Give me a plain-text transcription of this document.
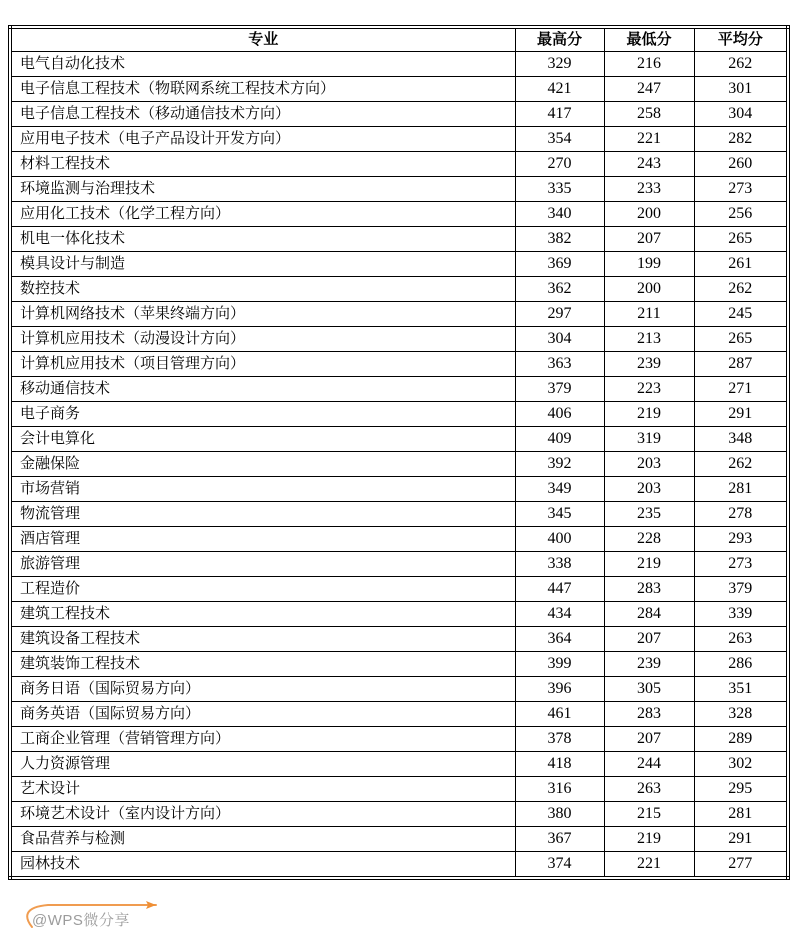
专业	最高分	最低分	平均分
电气自动化技术	329	216	262
电子信息工程技术（物联网系统工程技术方向）	421	247	301
电子信息工程技术（移动通信技术方向）	417	258	304
应用电子技术（电子产品设计开发方向）	354	221	282
材料工程技术	270	243	260
环境监测与治理技术	335	233	273
应用化工技术（化学工程方向）	340	200	256
机电一体化技术	382	207	265
模具设计与制造	369	199	261
数控技术	362	200	262
计算机网络技术（苹果终端方向）	297	211	245
计算机应用技术（动漫设计方向）	304	213	265
计算机应用技术（项目管理方向）	363	239	287
移动通信技术	379	223	271
电子商务	406	219	291
会计电算化	409	319	348
金融保险	392	203	262
市场营销	349	203	281
物流管理	345	235	278
酒店管理	400	228	293
旅游管理	338	219	273
工程造价	447	283	379
建筑工程技术	434	284	339
建筑设备工程技术	364	207	263
建筑装饰工程技术	399	239	286
商务日语（国际贸易方向）	396	305	351
商务英语（国际贸易方向）	461	283	328
工商企业管理（营销管理方向）	378	207	289
人力资源管理	418	244	302
艺术设计	316	263	295
环境艺术设计（室内设计方向）	380	215	281
食品营养与检测	367	219	291
园林技术	374	221	277
@WPS微分享
